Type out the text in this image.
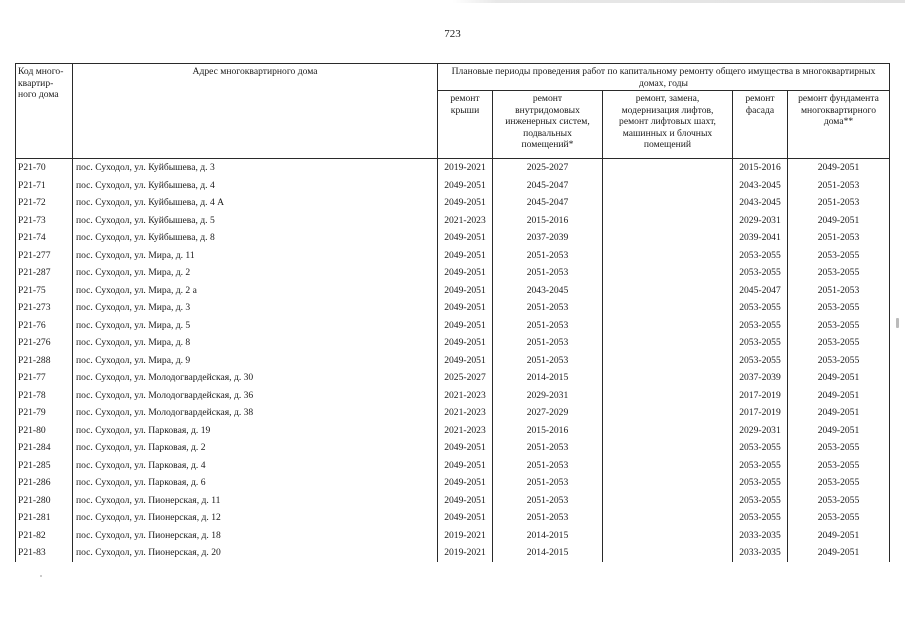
723
Код много-
квартир-
ного дома	Адрес многоквартирного дома	Плановые периоды проведения работ по капитальному ремонту общего имущества в многоквартирных домах, годы				
		ремонт
крыши	ремонт
внутридомовых
инженерных систем,
подвальных
помещений*	ремонт, замена,
модернизация лифтов,
ремонт лифтовых шахт,
машинных и блочных
помещений	ремонт
фасада	ремонт фундамента
многоквартирного
дома**
P21-70	пос. Суходол, ул. Куйбышева, д. 3	2019-2021	2025-2027		2015-2016	2049-2051
P21-71	пос. Суходол, ул. Куйбышева, д. 4	2049-2051	2045-2047		2043-2045	2051-2053
P21-72	пос. Суходол, ул. Куйбышева, д. 4 А	2049-2051	2045-2047		2043-2045	2051-2053
P21-73	пос. Суходол, ул. Куйбышева, д. 5	2021-2023	2015-2016		2029-2031	2049-2051
P21-74	пос. Суходол, ул. Куйбышева, д. 8	2049-2051	2037-2039		2039-2041	2051-2053
P21-277	пос. Суходол, ул. Мира, д. 11	2049-2051	2051-2053		2053-2055	2053-2055
P21-287	пос. Суходол, ул. Мира, д. 2	2049-2051	2051-2053		2053-2055	2053-2055
P21-75	пос. Суходол, ул. Мира, д. 2 а	2049-2051	2043-2045		2045-2047	2051-2053
P21-273	пос. Суходол, ул. Мира, д. 3	2049-2051	2051-2053		2053-2055	2053-2055
P21-76	пос. Суходол, ул. Мира, д. 5	2049-2051	2051-2053		2053-2055	2053-2055
P21-276	пос. Суходол, ул. Мира, д. 8	2049-2051	2051-2053		2053-2055	2053-2055
P21-288	пос. Суходол, ул. Мира, д. 9	2049-2051	2051-2053		2053-2055	2053-2055
P21-77	пос. Суходол, ул. Молодогвардейская, д. 30	2025-2027	2014-2015		2037-2039	2049-2051
P21-78	пос. Суходол, ул. Молодогвардейская, д. 36	2021-2023	2029-2031		2017-2019	2049-2051
P21-79	пос. Суходол, ул. Молодогвардейская, д. 38	2021-2023	2027-2029		2017-2019	2049-2051
P21-80	пос. Суходол, ул. Парковая, д. 19	2021-2023	2015-2016		2029-2031	2049-2051
P21-284	пос. Суходол, ул. Парковая, д. 2	2049-2051	2051-2053		2053-2055	2053-2055
P21-285	пос. Суходол, ул. Парковая, д. 4	2049-2051	2051-2053		2053-2055	2053-2055
P21-286	пос. Суходол, ул. Парковая, д. 6	2049-2051	2051-2053		2053-2055	2053-2055
P21-280	пос. Суходол, ул. Пионерская, д. 11	2049-2051	2051-2053		2053-2055	2053-2055
P21-281	пос. Суходол, ул. Пионерская, д. 12	2049-2051	2051-2053		2053-2055	2053-2055
P21-82	пос. Суходол, ул. Пионерская, д. 18	2019-2021	2014-2015		2033-2035	2049-2051
P21-83	пос. Суходол, ул. Пионерская, д. 20	2019-2021	2014-2015		2033-2035	2049-2051
